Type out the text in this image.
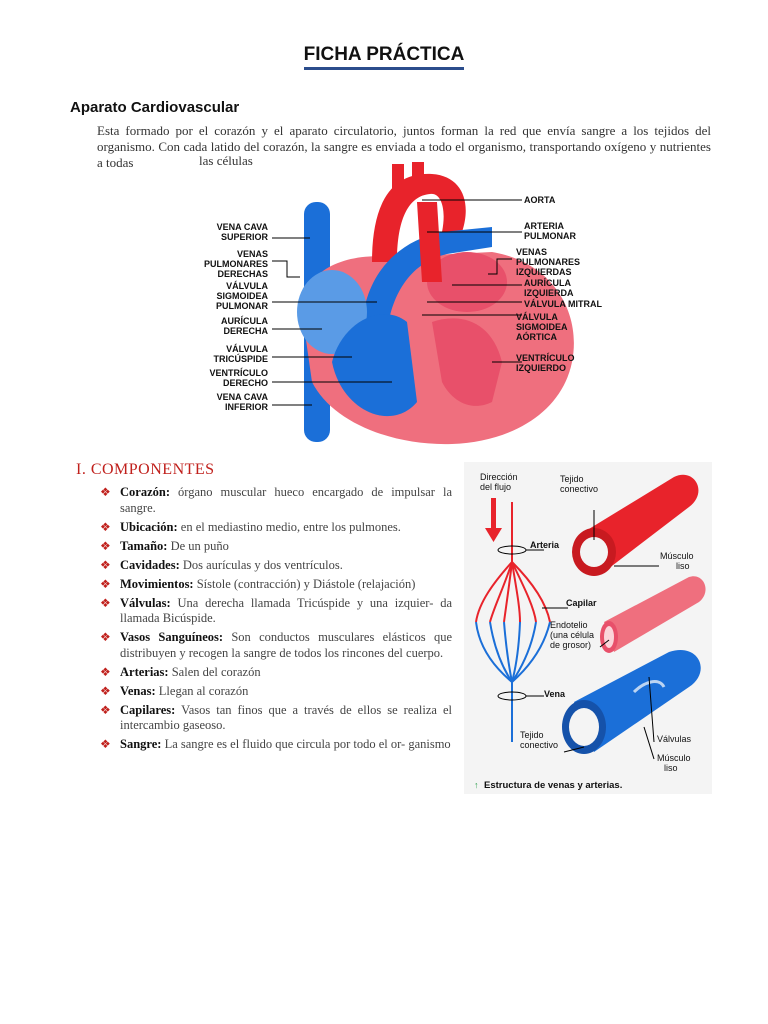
FICHA PRÁCTICA
Aparato Cardiovascular
Esta formado por el corazón y el aparato circulatorio, juntos forman la red que envía sangre a los tejidos del organismo. Con cada latido del corazón, la sangre es enviada a todo el organismo, transportando oxígeno y nutrientes a todas	las células
AORTA
ARTERIA
PULMONAR
VENA CAVA
SUPERIOR
VENAS
PULMONARES
DERECHAS
VENAS
PULMONARES
IZQUIERDAS
VÁLVULA
SIGMOIDEA
PULMONAR
AURÍCULA
IZQUIERDA
VÁLVULA MITRAL
AURÍCULA
DERECHA
VÁLVULA
SIGMOIDEA
AÓRTICA
VÁLVULA
TRICÚSPIDE	VENTRÍCULO
IZQUIERDO
VENTRÍCULO
DERECHO
VENA CAVA
INFERIOR
I. COMPONENTES
❖ Corazón: órgano muscular hueco encargado de impulsar la sangre.
❖ Ubicación: en el mediastino medio, entre los pulmones.
❖ Tamaño: De un puño
❖ Cavidades: Dos aurículas y dos ventrículos.
❖ Movimientos: Sístole (contracción) y Diástole (relajación)
❖ Válvulas: Una derecha llamada Tricúspide y una izquier- da llamada Bicúspide.
❖ Vasos Sanguíneos: Son conductos musculares elásticos que distribuyen y recogen la sangre de todos los rincones del cuerpo.
❖ Arterias: Salen del corazón
❖ Venas: Llegan al corazón
❖ Capilares: Vasos tan finos que a través de ellos se realiza el intercambio gaseoso.
❖ Sangre: La sangre es el fluido que circula por todo el or- ganismo
Dirección
del flujo
Tejido
conectivo
Arteria
Músculo
liso
Capilar
Endotelio
(una célula
de grosor)
Vena
Tejido
conectivo
Válvulas
Músculo
liso
↑ Estructura de venas y arterias.
